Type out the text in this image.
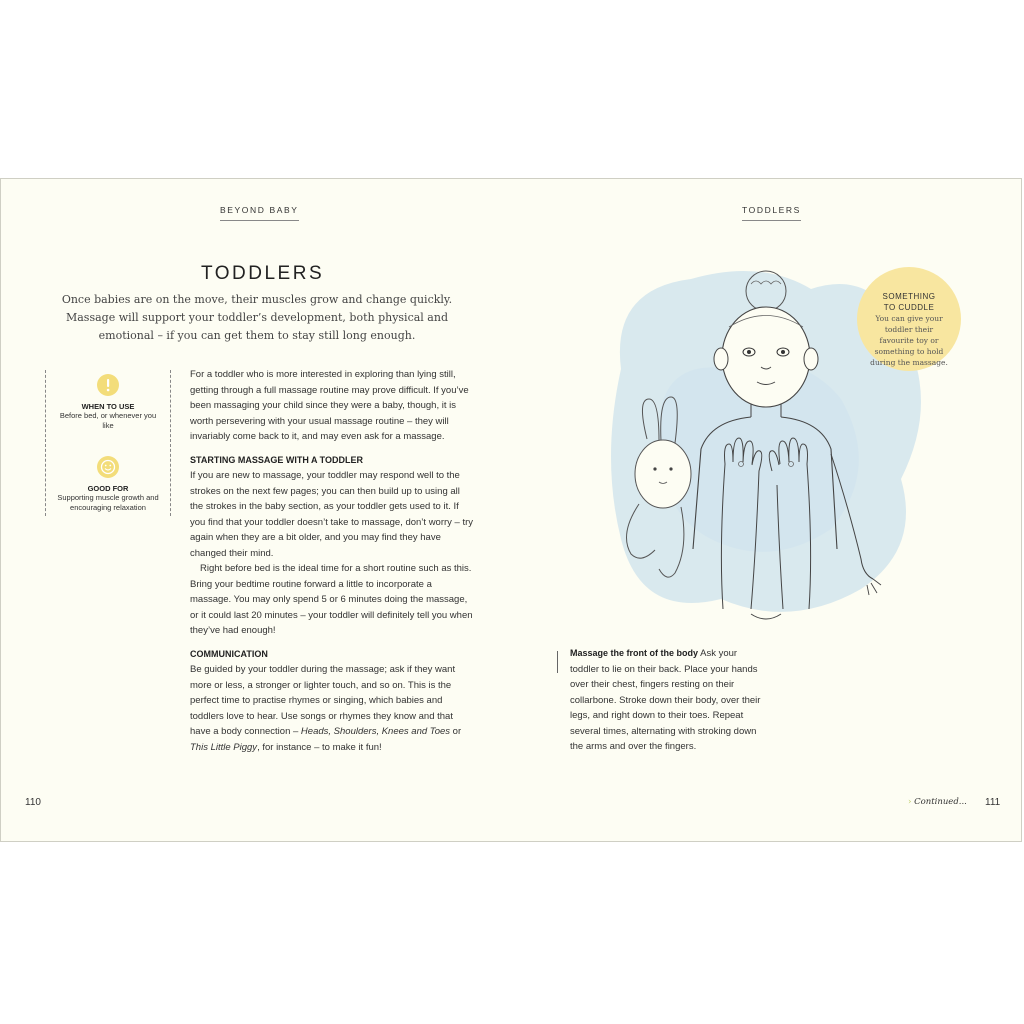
BEYOND BABY
TODDLERS
Once babies are on the move, their muscles grow and change quickly. Massage will support your toddler’s development, both physical and emotional – if you can get them to stay still long enough.
WHEN TO USE
Before bed, or whenever you like
GOOD FOR
Supporting muscle growth and encouraging relaxation

For a toddler who is more interested in exploring than lying still, getting through a full massage routine may prove difficult. If you’ve been massaging your child since they were a baby, though, it is worth persevering with your usual massage routine – they will invariably come back to it, and may even ask for a massage.

STARTING MASSAGE WITH A TODDLER

If you are new to massage, your toddler may respond well to the strokes on the next few pages; you can then build up to using all the strokes in the baby section, as your toddler gets used to it. If you find that your toddler doesn’t take to massage, don’t worry – try again when they are a bit older, and you may find they have changed their mind.

Right before bed is the ideal time for a short routine such as this. Bring your bedtime routine forward a little to incorporate a massage. You may only spend 5 or 6 minutes doing the massage, or it could last 20 minutes – your toddler will definitely tell you when they’ve had enough!

COMMUNICATION

Be guided by your toddler during the massage; ask if they want more or less, a stronger or lighter touch, and so on. This is the perfect time to practise rhymes or singing, which babies and toddlers love to hear. Use songs or rhymes they know and that have a body connection – Heads, Shoulders, Knees and Toes or This Little Piggy, for instance – to make it fun!

110
TODDLERS
SOMETHING
TO CUDDLE
You can give your toddler their favourite toy or something to hold during the massage.
Massage the front of the body Ask your toddler to lie on their back. Place your hands over their chest, fingers resting on their collarbone. Stroke down their body, over their legs, and right down to their toes. Repeat several times, alternating with stroking down the arms and over the fingers.
› Continued... 111
